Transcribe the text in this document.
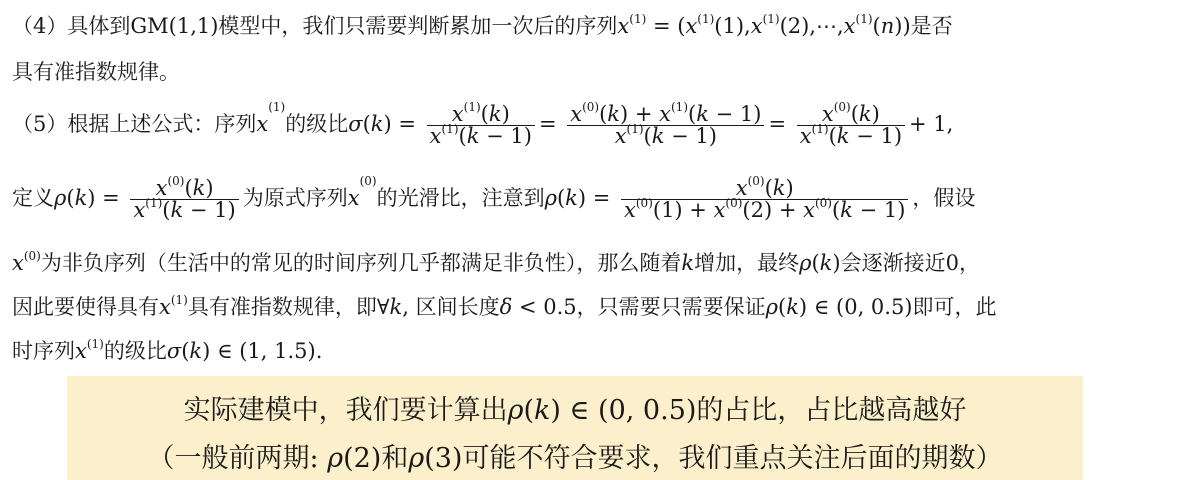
（4）具体到GM(1,1)模型中，我们只需要判断累加一次后的序列$x^{(1)}$ = $(x^{(1)}(1),x^{(1)}(2),\cdots,x^{(1)}(n))$是否
具有准指数规律。
（5）根据上述公式：序列$x^{(1)}$的级比$\sigma(k) = \frac{x^{(1)}(k)}{x^{(1)}(k - 1)} = \frac{x^{(0)}(k) + x^{(1)}(k - 1)}{x^{(1)}(k - 1)} = \frac{x^{(0)}(k)}{x^{(1)}(k - 1)} + 1$,
定义$\rho(k) = \frac{x^{(0)}(k)}{x^{(1)}(k - 1)}$ 为原式序列$x^{(0)}$的光滑比，注意到$\rho(k) = \frac{x^{(0)}(k)}{x^{(0)}(1) + x^{(0)}(2) + x^{(0)}(k - 1)}$ ，假设
$x^{(0)}$为非负序列（生活中的常见的时间序列几乎都满足非负性），那么随着k增加，最终ρ(k)会逐渐接近0，
因此要使得具有$x^{(1)}$具有准指数规律，即∀k, 区间长度δ < 0.5，只需要只需要保证ρ(k) ∈ (0, 0.5)即可，此
时序列$x^{(1)}$的级比σ(k) ∈ (1, 1.5).
实际建模中，我们要计算出ρ(k) ∈ (0, 0.5)的占比，占比越高越好
（一般前两期: ρ(2)和ρ(3)可能不符合要求，我们重点关注后面的期数）
